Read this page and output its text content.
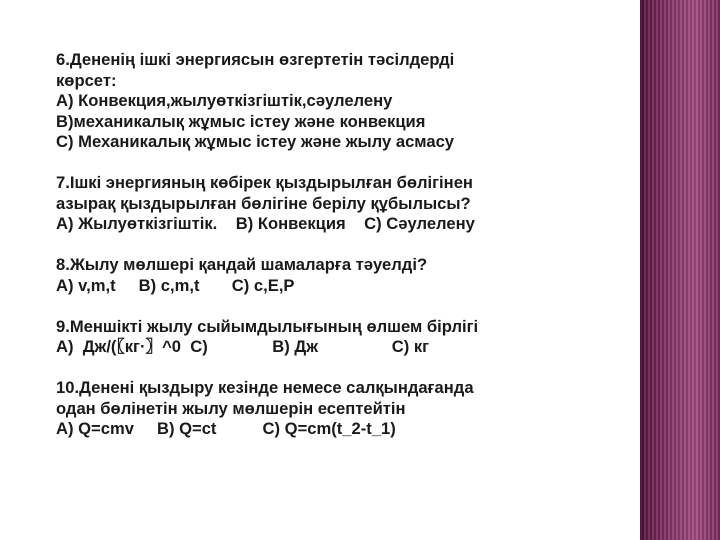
6.Дененің ішкі энергиясын өзгертетін тәсілдерді
көрсет:
A) Конвекция,жылуөткізгіштік,сәулелену
B)механикалық жұмыс істеу және конвекция
C) Механикалық жұмыс істеу және жылу асмасу
7.Ішкі энергияның көбірек қыздырылған бөлігінен
азырақ қыздырылған бөлігіне берілу құбылысы?
A) Жылуөткізгіштік.    B) Конвекция    C) Сәулелену
8.Жылу мөлшері қандай шамаларға тәуелді?
A) v,m,t     B) c,m,t       C) c,E,P
9.Меншікті жылу сыйымдылығының өлшем бірлігі
A)  Дж/(〖кг·〗^0  C)              B) Дж                C) кг
10.Денені қыздыру кезінде немесе салқындағанда
одан бөлінетін жылу мөлшерін есептейтін
A) Q=cmv     B) Q=ct          C) Q=cm(t_2-t_1)
